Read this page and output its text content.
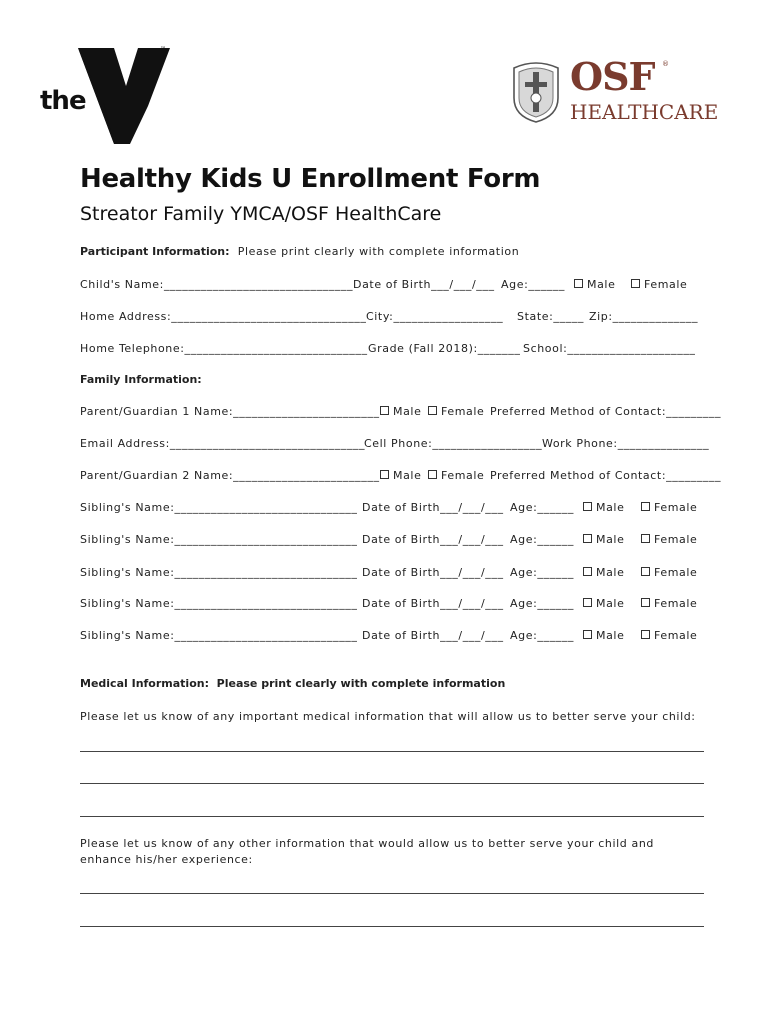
the
™
OSF ®
HEALTHCARE
Healthy Kids U Enrollment Form
Streator Family YMCA/OSF HealthCare
Participant Information: Please print clearly with complete information
Child's Name:_______________________________ Date of Birth___/___/___ Age:______	Male	Female
Home Address:________________________________ City:__________________ State:_____ Zip:______________
Home Telephone:______________________________ Grade (Fall 2018):_______ School:_____________________
Family Information:
Parent/Guardian 1 Name:________________________	Male	Female Preferred Method of Contact:_________
Email Address:________________________________
Cell Phone:__________________ Work Phone:_______________
Parent/Guardian 2 Name:________________________	Male	Female Preferred Method of Contact:_________
Sibling's Name:______________________________ Date of Birth___/___/___ Age:______	Male	Female
Sibling's Name:______________________________ Date of Birth___/___/___ Age:______	Male	Female
Sibling's Name:______________________________ Date of Birth___/___/___ Age:______	Male	Female
Sibling's Name:______________________________ Date of Birth___/___/___ Age:______	Male	Female
Sibling's Name:______________________________ Date of Birth___/___/___ Age:______	Male	Female
Medical Information:  Please print clearly with complete information
Please let us know of any important medical information that will allow us to better serve your child:
Please let us know of any other information that would allow us to better serve your child and enhance his/her experience:
